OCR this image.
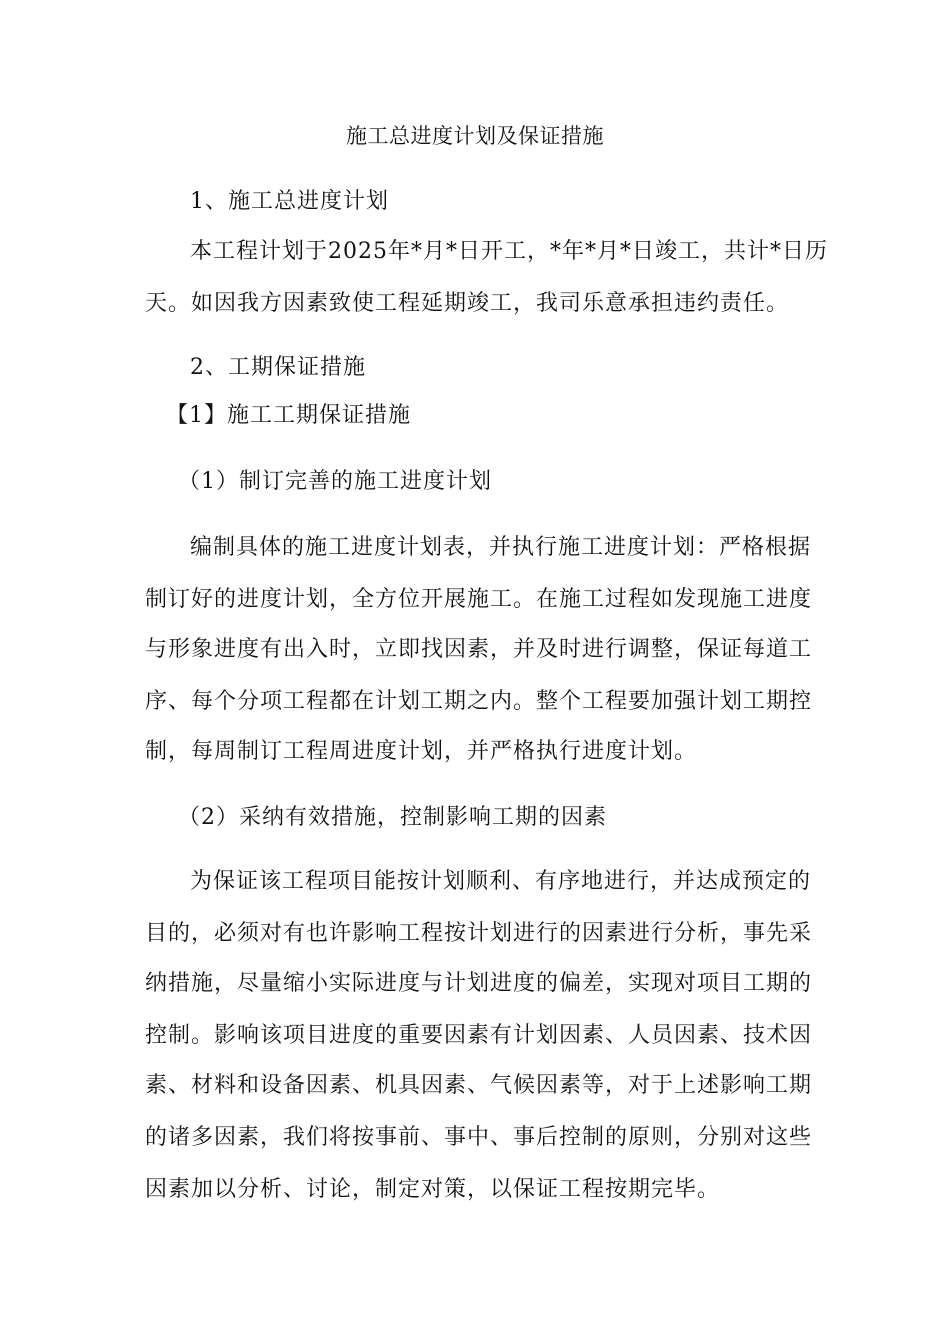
施工总进度计划及保证措施
1、施工总进度计划
本工程计划于2025年*月*日开工，*年*月*日竣工，共计*日历
天。如因我方因素致使工程延期竣工，我司乐意承担违约责任。
2、工期保证措施
【1】施工工期保证措施
（1）制订完善的施工进度计划
编制具体的施工进度计划表，并执行施工进度计划：严格根据
制订好的进度计划，全方位开展施工。在施工过程如发现施工进度
与形象进度有出入时，立即找因素，并及时进行调整，保证每道工
序、每个分项工程都在计划工期之内。整个工程要加强计划工期控
制，每周制订工程周进度计划，并严格执行进度计划。
（2）采纳有效措施，控制影响工期的因素
为保证该工程项目能按计划顺利、有序地进行，并达成预定的
目的，必须对有也许影响工程按计划进行的因素进行分析，事先采
纳措施，尽量缩小实际进度与计划进度的偏差，实现对项目工期的
控制。影响该项目进度的重要因素有计划因素、人员因素、技术因
素、材料和设备因素、机具因素、气候因素等，对于上述影响工期
的诸多因素，我们将按事前、事中、事后控制的原则，分别对这些
因素加以分析、讨论，制定对策，以保证工程按期完毕。
